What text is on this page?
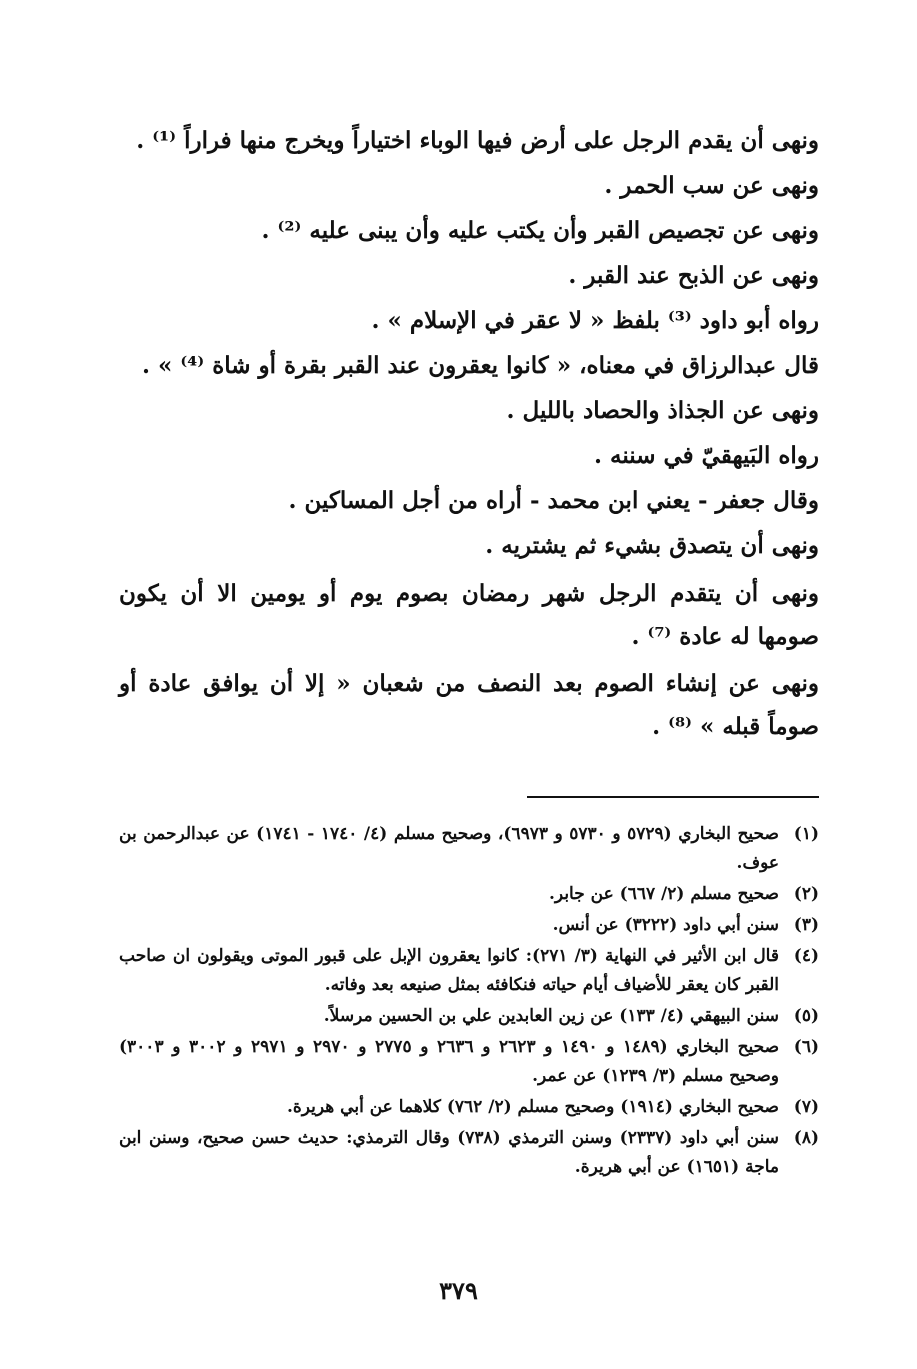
ونهى أن يقدم الرجل على أرض فيها الوباء اختياراً ويخرج منها فراراً ⁽¹⁾ .

ونهى عن سب الحمر .

ونهى عن تجصيص القبر وأن يكتب عليه وأن يبنى عليه ⁽²⁾ .

ونهى عن الذبح عند القبر .

رواه أبو داود ⁽³⁾ بلفظ « لا عقر في الإسلام » .

قال عبدالرزاق في معناه، « كانوا يعقرون عند القبر بقرة أو شاة ⁽⁴⁾ » .

ونهى عن الجذاذ والحصاد بالليل .

رواه البَيهقيّ في سننه .

وقال جعفر - يعني ابن محمد - أراه من أجل المساكين .

ونهى أن يتصدق بشيء ثم يشتريه .

ونهى أن يتقدم الرجل شهر رمضان بصوم يوم أو يومين الا أن يكون صومها له عادة ⁽⁷⁾ .

ونهى عن إنشاء الصوم بعد النصف من شعبان « إلا أن يوافق عادة أو صوماً قبله » ⁽⁸⁾ .

(١)
صحيح البخاري (٥٧٢٩ و ٥٧٣٠ و ٦٩٧٣)، وصحيح مسلم (٤/ ١٧٤٠ - ١٧٤١) عن عبدالرحمن بن عوف.
(٢)
صحيح مسلم (٢/ ٦٦٧) عن جابر.
(٣)
سنن أبي داود (٣٢٢٢) عن أنس.
(٤)
قال ابن الأثير في النهاية (٣/ ٢٧١): كانوا يعقرون الإبل على قبور الموتى ويقولون ان صاحب القبر كان يعقر للأضياف أيام حياته فنكافئه بمثل صنيعه بعد وفاته.
(٥)
سنن البيهقي (٤/ ١٣٣) عن زين العابدين علي بن الحسين مرسلاً.
(٦)
صحيح البخاري (١٤٨٩ و ١٤٩٠ و ٢٦٢٣ و ٢٦٣٦ و ٢٧٧٥ و ٢٩٧٠ و ٢٩٧١ و ٣٠٠٢ و ٣٠٠٣) وصحيح مسلم (٣/ ١٢٣٩) عن عمر.
(٧)
صحيح البخاري (١٩١٤) وصحيح مسلم (٢/ ٧٦٢) كلاهما عن أبي هريرة.
(٨)
سنن أبي داود (٢٣٣٧) وسنن الترمذي (٧٣٨) وقال الترمذي: حديث حسن صحيح، وسنن ابن ماجة (١٦٥١) عن أبي هريرة.
٣٧٩
